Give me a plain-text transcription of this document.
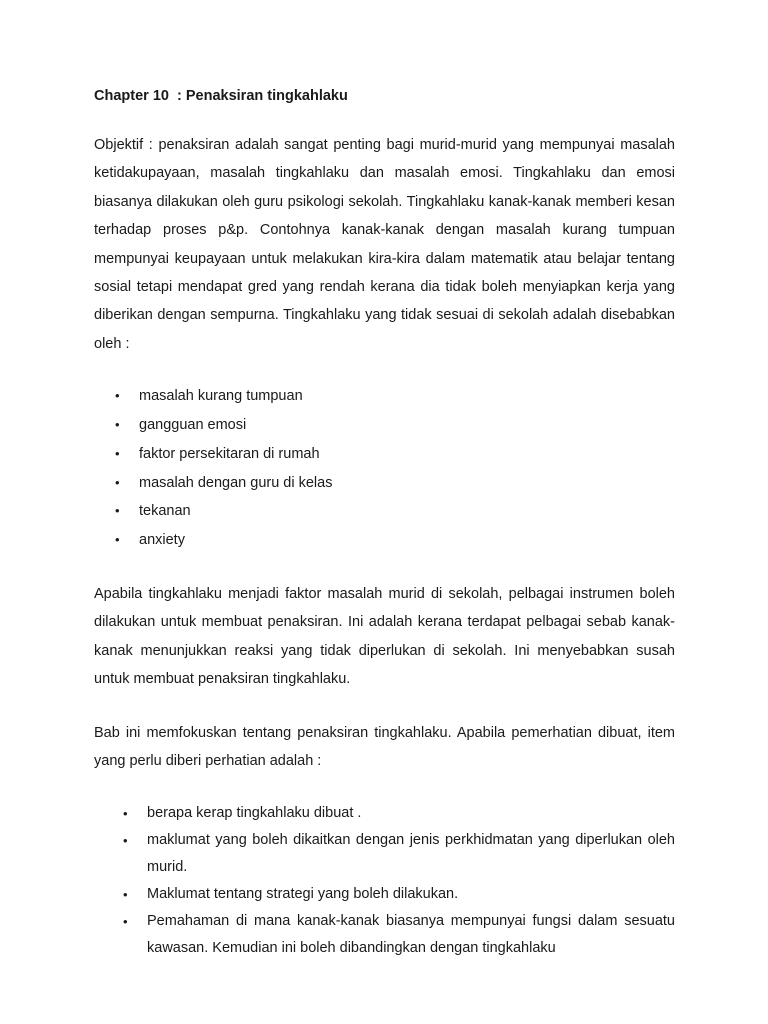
Chapter 10  : Penaksiran tingkahlaku

Objektif : penaksiran adalah sangat penting bagi murid-murid yang mempunyai masalah ketidakupayaan, masalah tingkahlaku dan masalah emosi. Tingkahlaku dan emosi biasanya dilakukan oleh guru psikologi sekolah. Tingkahlaku kanak-kanak memberi kesan terhadap proses p&p. Contohnya kanak-kanak dengan masalah kurang tumpuan mempunyai keupayaan untuk melakukan kira-kira dalam matematik atau belajar tentang sosial tetapi mendapat gred yang rendah kerana dia tidak boleh menyiapkan kerja yang diberikan dengan sempurna. Tingkahlaku yang tidak sesuai di sekolah adalah disebabkan oleh :

• masalah kurang tumpuan
• gangguan emosi
• faktor persekitaran di rumah
• masalah dengan guru di kelas
• tekanan
• anxiety

Apabila tingkahlaku menjadi faktor masalah murid di sekolah, pelbagai instrumen boleh dilakukan untuk membuat penaksiran. Ini adalah kerana terdapat pelbagai sebab kanak-kanak menunjukkan reaksi yang tidak diperlukan di sekolah. Ini menyebabkan susah untuk membuat penaksiran tingkahlaku.

Bab ini memfokuskan tentang penaksiran tingkahlaku. Apabila pemerhatian dibuat, item yang perlu diberi perhatian adalah :

• berapa kerap tingkahlaku dibuat .
• maklumat yang boleh dikaitkan dengan jenis perkhidmatan yang diperlukan oleh murid.
• Maklumat tentang strategi yang boleh dilakukan.
• Pemahaman di mana kanak-kanak biasanya mempunyai fungsi dalam sesuatu kawasan. Kemudian ini boleh dibandingkan dengan tingkahlaku
